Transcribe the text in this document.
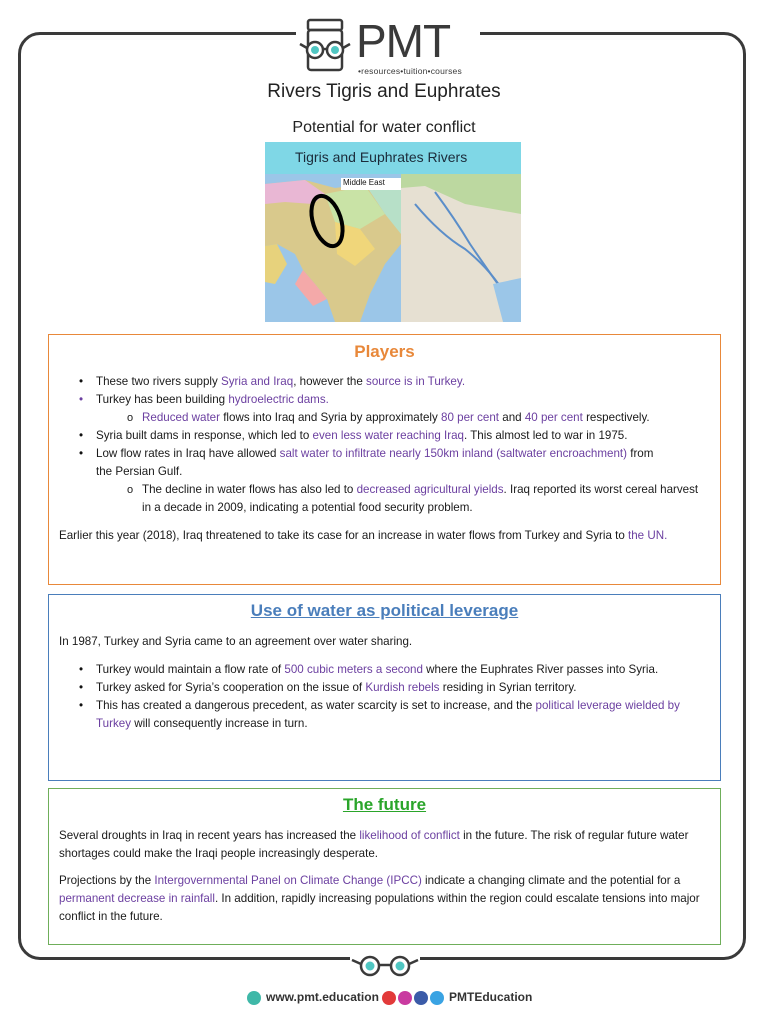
PMT
•resources•tuition•courses
Rivers Tigris and Euphrates
Potential for water conflict
Tigris and Euphrates Rivers
Middle East
Players
• These two rivers supply Syria and Iraq, however the source is in Turkey.
• Turkey has been building hydroelectric dams.
o Reduced water flows into Iraq and Syria by approximately 80 per cent and 40 per cent respectively.
• Syria built dams in response, which led to even less water reaching Iraq. This almost led to war in 1975.
• Low flow rates in Iraq have allowed salt water to infiltrate nearly 150km inland (saltwater encroachment) from the Persian Gulf.
o The decline in water flows has also led to decreased agricultural yields. Iraq reported its worst cereal harvest in a decade in 2009, indicating a potential food security problem.

Earlier this year (2018), Iraq threatened to take its case for an increase in water flows from Turkey and Syria to the UN.

Use of water as political leverage

In 1987, Turkey and Syria came to an agreement over water sharing.

• Turkey would maintain a flow rate of 500 cubic meters a second where the Euphrates River passes into Syria.
• Turkey asked for Syria’s cooperation on the issue of Kurdish rebels residing in Syrian territory.
• This has created a dangerous precedent, as water scarcity is set to increase, and the political leverage wielded by Turkey will consequently increase in turn.
The future

Several droughts in Iraq in recent years has increased the likelihood of conflict in the future. The risk of regular future water shortages could make the Iraqi people increasingly desperate.

Projections by the Intergovernmental Panel on Climate Change (IPCC) indicate a changing climate and the potential for a permanent decrease in rainfall. In addition, rapidly increasing populations within the region could escalate tensions into major conflict in the future.

www.pmt.education	PMTEducation
